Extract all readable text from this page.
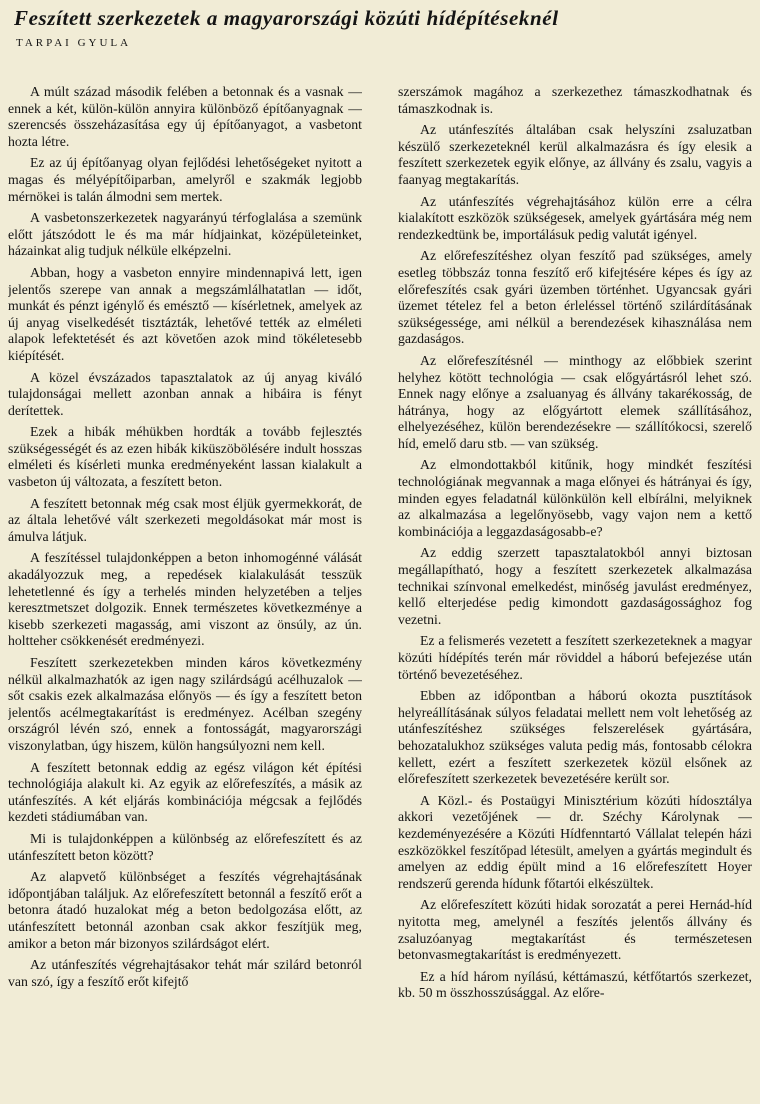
Feszített szerkezetek a magyarországi közúti hídépítéseknél
TARPAI GYULA

A múlt század második felében a betonnak és a vasnak — ennek a két, külön-külön annyira különböző építőanyagnak — szerencsés összeházasítása egy új építőanyagot, a vasbetont hozta létre.

Ez az új építőanyag olyan fejlődési lehetőségeket nyitott a magas és mélyépítőiparban, amelyről e szakmák legjobb mérnökei is talán álmodni sem mertek.

A vasbetonszerkezetek nagyarányú térfoglalása a szemünk előtt játszódott le és ma már hídjainkat, középületeinket, házainkat alig tudjuk nélküle elképzelni.

Abban, hogy a vasbeton ennyire mindennapivá lett, igen jelentős szerepe van annak a megszámlálhatatlan — időt, munkát és pénzt igénylő és emésztő — kísérletnek, amelyek az új anyag viselkedését tisztázták, lehetővé tették az elméleti alapok lefektetését és azt követően azok mind tökéletesebb kiépítését.

A közel évszázados tapasztalatok az új anyag kiváló tulajdonságai mellett azonban annak a hibáira is fényt derítettek.

Ezek a hibák méhükben hordták a tovább fejlesztés szükségességét és az ezen hibák kiküszöbölésére indult hosszas elméleti és kísérleti munka eredményeként lassan kialakult a vasbeton új változata, a feszített beton.

A feszített betonnak még csak most éljük gyermekkorát, de az általa lehetővé vált szerkezeti megoldásokat már most is ámulva látjuk.

A feszítéssel tulajdonképpen a beton inhomogénné válását akadályozzuk meg, a repedések kialakulását tesszük lehetetlenné és így a terhelés minden helyzetében a teljes keresztmetszet dolgozik. Ennek természetes következménye a kisebb szerkezeti magasság, ami viszont az önsúly, az ún. holtteher csökkenését eredményezi.

Feszített szerkezetekben minden káros következmény nélkül alkalmazhatók az igen nagy szilárdságú acélhuzalok — sőt csakis ezek alkalmazása előnyös — és így a feszített beton jelentős acélmegtakarítást is eredményez. Acélban szegény országról lévén szó, ennek a fontosságát, magyarországi viszonylatban, úgy hiszem, külön hangsúlyozni nem kell.

A feszített betonnak eddig az egész világon két építési technológiája alakult ki. Az egyik az előrefeszítés, a másik az utánfeszítés. A két eljárás kombinációja mégcsak a fejlődés kezdeti stádiumában van.

Mi is tulajdonképpen a különbség az előrefeszített és az utánfeszített beton között?

Az alapvető különbséget a feszítés végrehajtásának időpontjában találjuk. Az előrefeszített betonnál a feszítő erőt a betonra átadó huzalokat még a beton bedolgozása előtt, az utánfeszített betonnál azonban csak akkor feszítjük meg, amikor a beton már bizonyos szilárdságot elért.

Az utánfeszítés végrehajtásakor tehát már szilárd betonról van szó, így a feszítő erőt kifejtő

szerszámok magához a szerkezethez támaszkodhatnak és támaszkodnak is.

Az utánfeszítés általában csak helyszíni zsaluzatban készülő szerkezeteknél kerül alkalmazásra és így elesik a feszített szerkezetek egyik előnye, az állvány és zsalu, vagyis a faanyag megtakarítás.

Az utánfeszítés végrehajtásához külön erre a célra kialakított eszközök szükségesek, amelyek gyártására még nem rendezkedtünk be, importálásuk pedig valutát igényel.

Az előrefeszítéshez olyan feszítő pad szükséges, amely esetleg többszáz tonna feszítő erő kifejtésére képes és így az előrefeszítés csak gyári üzemben történhet. Ugyancsak gyári üzemet tételez fel a beton érleléssel történő szilárdításának szükségessége, ami nélkül a berendezések kihasználása nem gazdaságos.

Az előrefeszítésnél — minthogy az előbbiek szerint helyhez kötött technológia — csak előgyártásról lehet szó. Ennek nagy előnye a zsaluanyag és állvány takarékosság, de hátránya, hogy az előgyártott elemek szállításához, elhelyezéséhez, külön berendezésekre — szállítókocsi, szerelő híd, emelő daru stb. — van szükség.

Az elmondottakból kitűnik, hogy mindkét feszítési technológiának megvannak a maga előnyei és hátrányai és így, minden egyes feladatnál különkülön kell elbírálni, melyiknek az alkalmazása a legelőnyösebb, vagy vajon nem a kettő kombinációja a leggazdaságosabb-e?

Az eddig szerzett tapasztalatokból annyi biztosan megállapítható, hogy a feszített szerkezetek alkalmazása technikai színvonal emelkedést, minőség javulást eredményez, kellő elterjedése pedig kimondott gazdaságossághoz fog vezetni.

Ez a felismerés vezetett a feszített szerkezeteknek a magyar közúti hídépítés terén már röviddel a háború befejezése után történő bevezetéséhez.

Ebben az időpontban a háború okozta pusztítások helyreállításának súlyos feladatai mellett nem volt lehetőség az utánfeszítéshez szükséges felszerelések gyártására, behozatalukhoz szükséges valuta pedig más, fontosabb célokra kellett, ezért a feszített szerkezetek közül elsőnek az előrefeszített szerkezetek bevezetésére került sor.

A Közl.- és Postaügyi Minisztérium közúti hídosztálya akkori vezetőjének — dr. Széchy Károlynak — kezdeményezésére a Közúti Hídfenntartó Vállalat telepén házi eszközökkel feszítőpad létesült, amelyen a gyártás megindult és amelyen az eddig épült mind a 16 előrefeszített Hoyer rendszerű gerenda hídunk főtartói elkészültek.

Az előrefeszített közúti hidak sorozatát a perei Hernád-híd nyitotta meg, amelynél a feszítés jelentős állvány és zsaluzóanyag megtakarítást és természetesen betonvasmegtakarítást is eredményezett.

Ez a híd három nyílású, kéttámaszú, kétfőtartós szerkezet, kb. 50 m összhosszúsággal. Az előre-
